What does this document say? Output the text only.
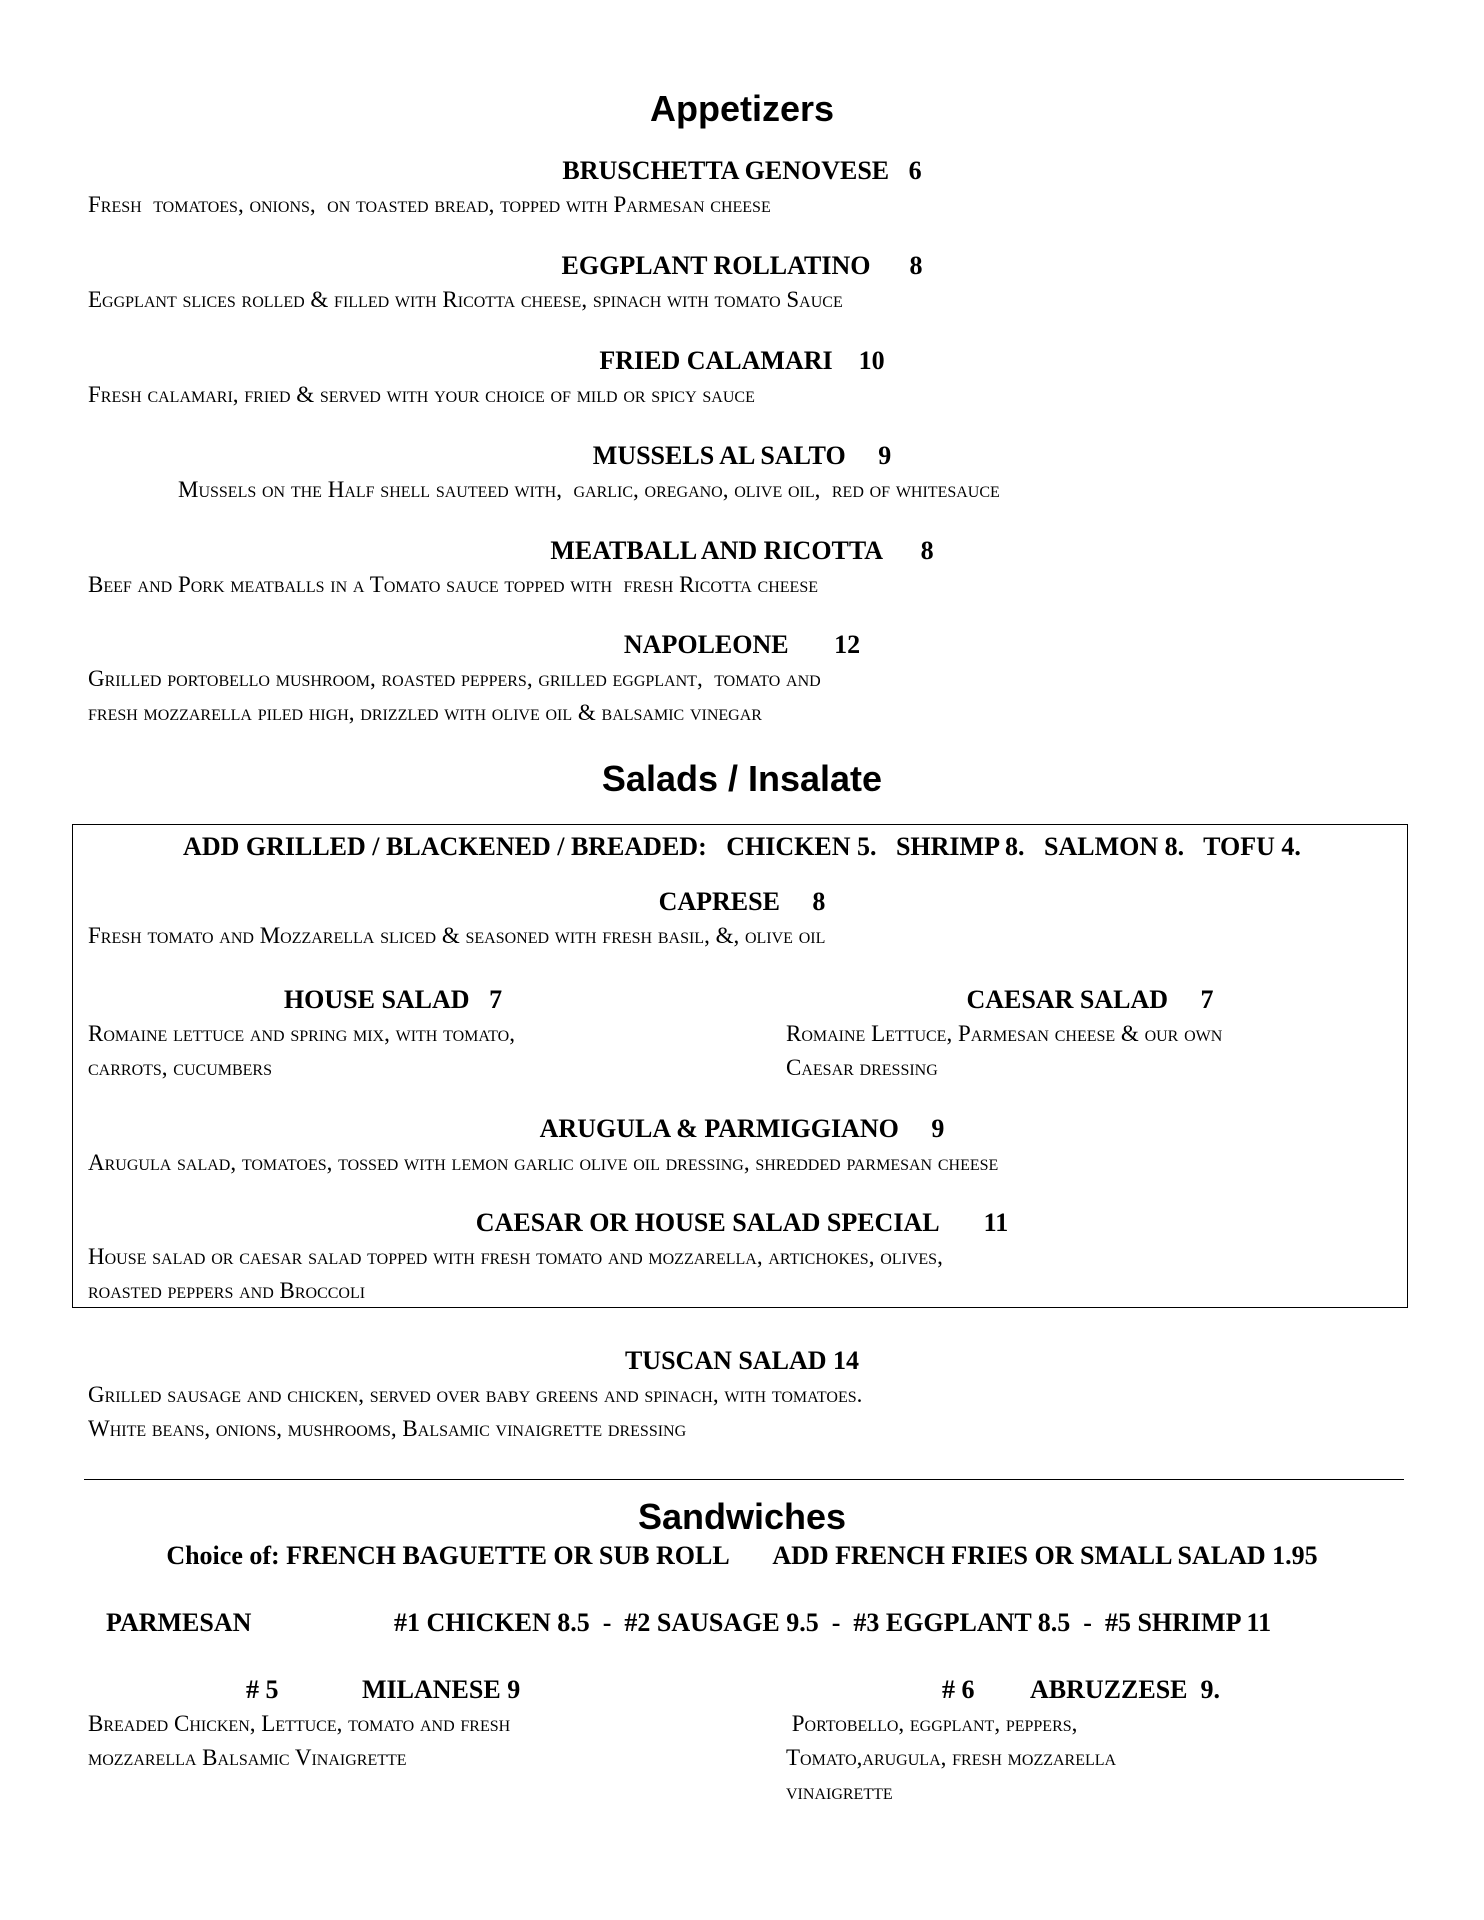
Appetizers
BRUSCHETTA GENOVESE   6
Fresh  tomatoes, onions,  on toasted bread, topped with Parmesan cheese
EGGPLANT ROLLATINO      8
Eggplant slices rolled & filled with Ricotta cheese, spinach with tomato Sauce
FRIED CALAMARI    10
Fresh calamari, fried & served with your choice of mild or spicy sauce
MUSSELS AL SALTO     9
Mussels on the Half shell sauteed with,  garlic, oregano, olive oil,  red of whitesauce
MEATBALL AND RICOTTA      8
Beef and Pork meatballs in a Tomato sauce topped with  fresh Ricotta cheese
NAPOLEONE       12
Grilled portobello mushroom, roasted peppers, grilled eggplant,  tomato and
fresh mozzarella piled high, drizzled with olive oil & balsamic vinegar
Salads / Insalate
ADD GRILLED / BLACKENED / BREADED:   CHICKEN 5.   SHRIMP 8.   SALMON 8.   TOFU 4.
CAPRESE     8
Fresh tomato and Mozzarella sliced & seasoned with fresh basil, &, olive oil
HOUSE SALAD   7
Romaine lettuce and spring mix, with tomato,
carrots, cucumbers
CAESAR SALAD     7
Romaine Lettuce, Parmesan cheese & our own
Caesar dressing
ARUGULA & PARMIGGIANO     9
Arugula salad, tomatoes, tossed with lemon garlic olive oil dressing, shredded parmesan cheese
CAESAR OR HOUSE SALAD SPECIAL       11
House salad or caesar salad topped with fresh tomato and mozzarella, artichokes, olives,
roasted peppers and Broccoli
TUSCAN SALAD 14
Grilled sausage and chicken, served over baby greens and spinach, with tomatoes.
White beans, onions, mushrooms, Balsamic vinaigrette dressing
Sandwiches
Choice of: FRENCH BAGUETTE OR SUB ROLL       ADD FRENCH FRIES OR SMALL SALAD 1.95
PARMESAN	#1 CHICKEN 8.5  -  #2 SAUSAGE 9.5  -  #3 EGGPLANT 8.5  -  #5 SHRIMP 11
# 5	MILANESE 9
Breaded Chicken, Lettuce, tomato and fresh
mozzarella Balsamic Vinaigrette
# 6 ABRUZZESE  9.
Portobello, eggplant, peppers,
Tomato,arugula, fresh mozzarella
vinaigrette
